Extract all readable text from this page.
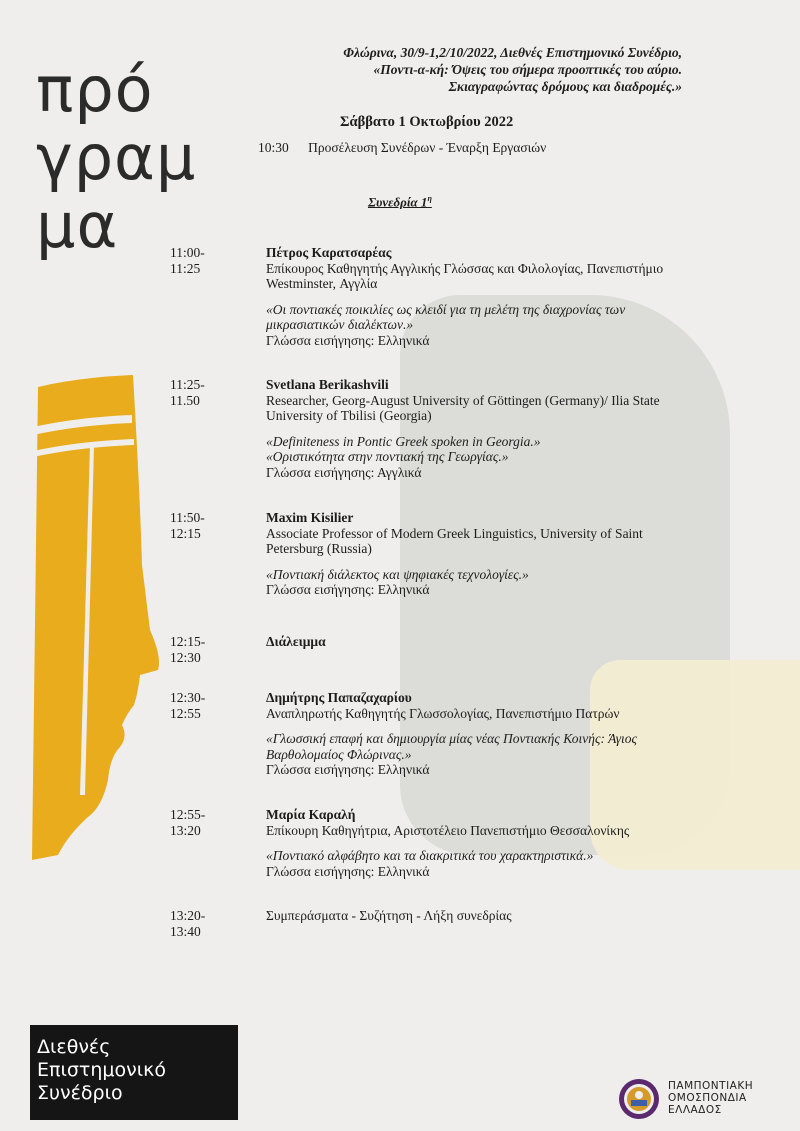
πρό
γραμ
μα
Φλώρινα, 30/9-1,2/10/2022, Διεθνές Επιστημονικό Συνέδριο,
«Ποντι-α-κή: Όψεις του σήμερα προοπτικές του αύριο.
Σκιαγραφώντας δρόμους και διαδρομές.»
Σάββατο 1 Οκτωβρίου 2022
10:30 Προσέλευση Συνέδρων - Έναρξη Εργασιών
Συνεδρία $1^\eta$
11:00-11:25
Πέτρος Καρατσαρέας
Επίκουρος Καθηγητής Αγγλικής Γλώσσας και Φιλολογίας, Πανεπιστήμιο Westminster, Αγγλία
«Οι ποντιακές ποικιλίες ως κλειδί για τη μελέτη της διαχρονίας των μικρασιατικών διαλέκτων.»
Γλώσσα εισήγησης: Ελληνικά
11:25-11.50
Svetlana Berikashvili
Researcher, Georg-August University of Göttingen (Germany)/ Ilia State University of Tbilisi (Georgia)
«Definiteness in Pontic Greek spoken in Georgia.»
«Οριστικότητα στην ποντιακή της Γεωργίας.»
Γλώσσα εισήγησης: Αγγλικά
11:50-12:15
Maxim Kisilier
Associate Professor of Modern Greek Linguistics, University of Saint Petersburg (Russia)
«Ποντιακή διάλεκτος και ψηφιακές τεχνολογίες.»
Γλώσσα εισήγησης: Ελληνικά
12:15-12:30
Διάλειμμα
12:30-12:55
Δημήτρης Παπαζαχαρίου
Αναπληρωτής Καθηγητής Γλωσσολογίας, Πανεπιστήμιο Πατρών
«Γλωσσική επαφή και δημιουργία μίας νέας Ποντιακής Κοινής: Άγιος Βαρθολομαίος Φλώρινας.»
Γλώσσα εισήγησης: Ελληνικά
12:55-13:20
Μαρία Καραλή
Επίκουρη Καθηγήτρια, Αριστοτέλειο Πανεπιστήμιο Θεσσαλονίκης
«Ποντιακό αλφάβητο και τα διακριτικά του χαρακτηριστικά.»
Γλώσσα εισήγησης: Ελληνικά
13:20-13:40
Συμπεράσματα - Συζήτηση - Λήξη συνεδρίας
Διεθνές
Επιστημονικό
Συνέδριο	ΠΑΜΠΟΝΤΙΑΚΗ
ΟΜΟΣΠΟΝΔΙΑ
ΕΛΛΑΔΟΣ
